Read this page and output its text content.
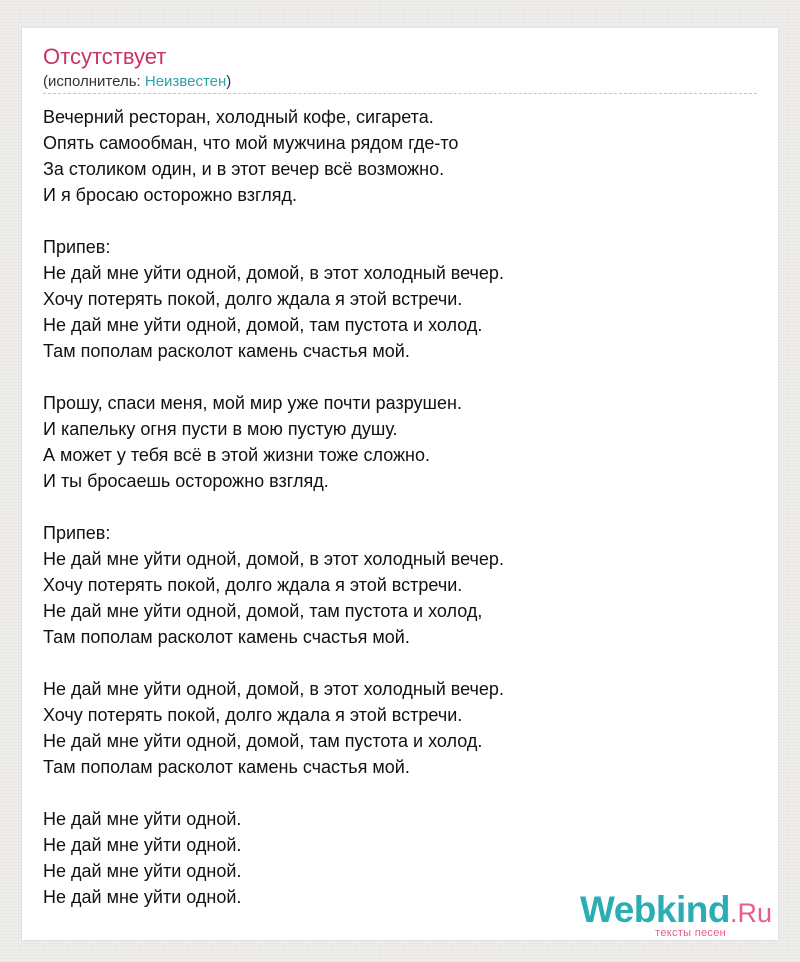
Отсутствует

(исполнитель: Неизвестен)

Вечерний ресторан, холодный кофе, сигарета.
Опять самообман, что мой мужчина рядом где-то
За столиком один, и в этот вечер всё возможно.
И я бросаю осторожно взгляд.
Припев:
Не дай мне уйти одной, домой, в этот холодный вечер.
Хочу потерять покой, долго ждала я этой встречи.
Не дай мне уйти одной, домой, там пустота и холод.
Там пополам расколот камень счастья мой.
Прошу, спаси меня, мой мир уже почти разрушен.
И капельку огня пусти в мою пустую душу.
А может у тебя всё в этой жизни тоже сложно.
И ты бросаешь осторожно взгляд.
Припев:
Не дай мне уйти одной, домой, в этот холодный вечер.
Хочу потерять покой, долго ждала я этой встречи.
Не дай мне уйти одной, домой, там пустота и холод,
Там пополам расколот камень счастья мой.
Не дай мне уйти одной, домой, в этот холодный вечер.
Хочу потерять покой, долго ждала я этой встречи.
Не дай мне уйти одной, домой, там пустота и холод.
Там пополам расколот камень счастья мой.
Не дай мне уйти одной.
Не дай мне уйти одной.
Не дай мне уйти одной.
Не дай мне уйти одной.	Webkind.Ru
тексты песен
